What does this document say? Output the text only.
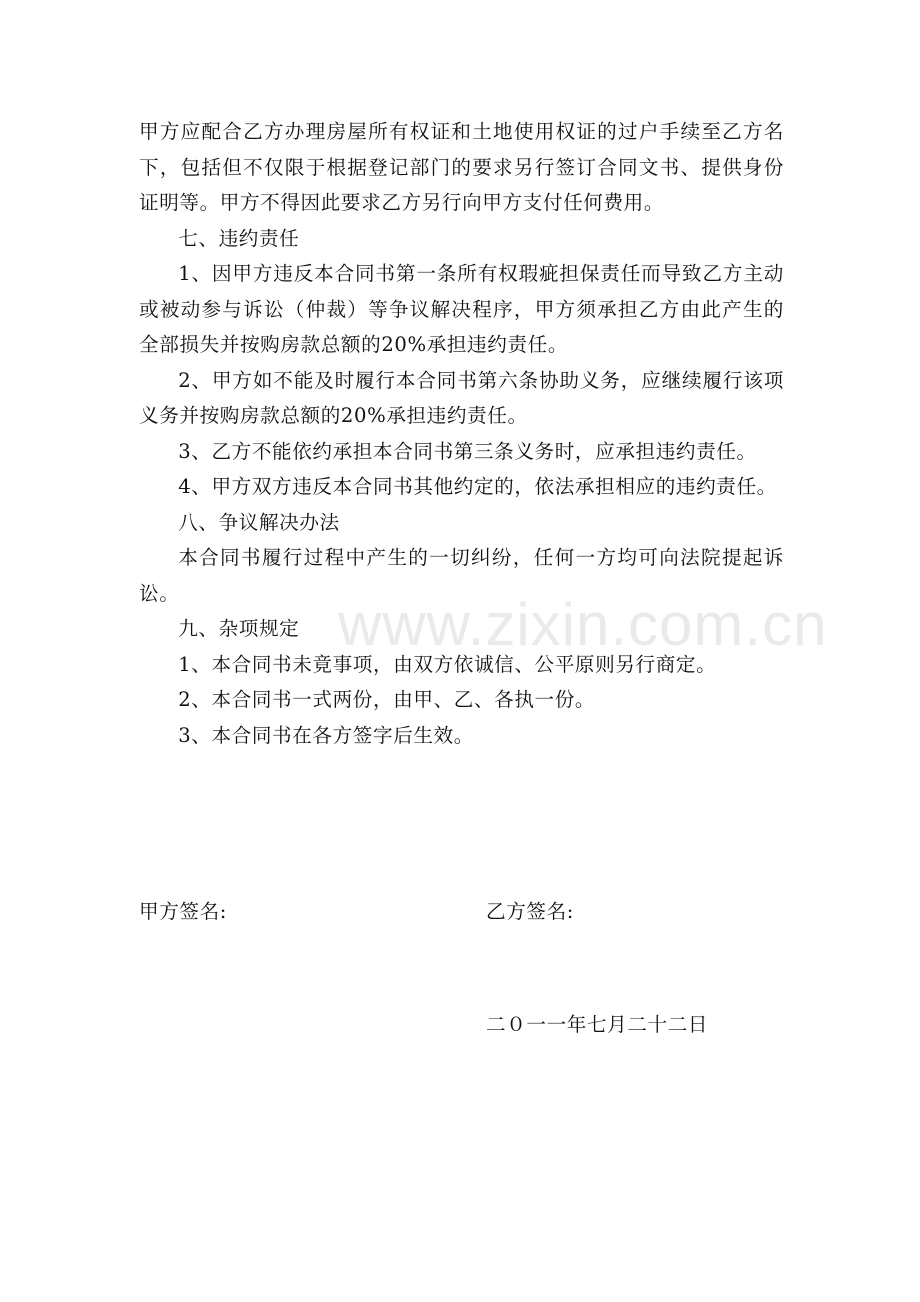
甲方应配合乙方办理房屋所有权证和土地使用权证的过户手续至乙方名下，包括但不仅限于根据登记部门的要求另行签订合同文书、提供身份证明等。甲方不得因此要求乙方另行向甲方支付任何费用。

七、违约责任

1、因甲方违反本合同书第一条所有权瑕疵担保责任而导致乙方主动或被动参与诉讼（仲裁）等争议解决程序，甲方须承担乙方由此产生的全部损失并按购房款总额的20%承担违约责任。

2、甲方如不能及时履行本合同书第六条协助义务，应继续履行该项义务并按购房款总额的20%承担违约责任。

3、乙方不能依约承担本合同书第三条义务时，应承担违约责任。

4、甲方双方违反本合同书其他约定的，依法承担相应的违约责任。

八、争议解决办法

本合同书履行过程中产生的一切纠纷，任何一方均可向法院提起诉讼。

九、杂项规定

1、本合同书未竟事项，由双方依诚信、公平原则另行商定。

2、本合同书一式两份，由甲、乙、各执一份。

3、本合同书在各方签字后生效。

www.zixin.com.cn
甲方签名:	乙方签名:
二０一一年七月二十二日
